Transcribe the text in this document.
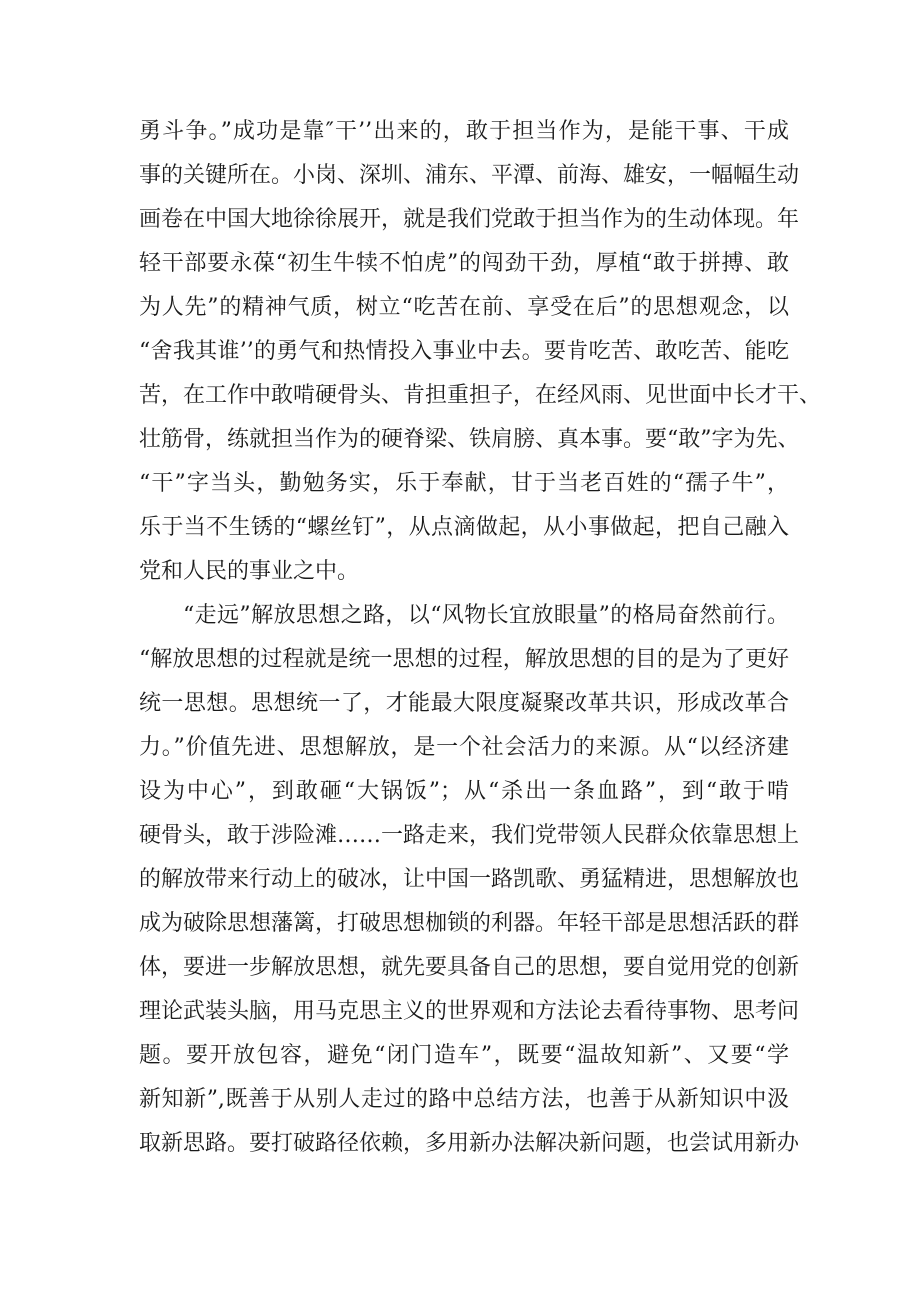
勇斗争。”成功是靠″干’’出来的，敢于担当作为，是能干事、干成
事的关键所在。小岗、深圳、浦东、平潭、前海、雄安，一幅幅生动
画卷在中国大地徐徐展开，就是我们党敢于担当作为的生动体现。年
轻干部要永葆“初生牛犊不怕虎”的闯劲干劲，厚植“敢于拼搏、敢
为人先”的精神气质，树立“吃苦在前、享受在后”的思想观念，以
“舍我其谁’’的勇气和热情投入事业中去。要肯吃苦、敢吃苦、能吃
苦，在工作中敢啃硬骨头、肯担重担子，在经风雨、见世面中长才干、
壮筋骨，练就担当作为的硬脊梁、铁肩膀、真本事。要“敢”字为先、
“干”字当头，勤勉务实，乐于奉献，甘于当老百姓的“孺子牛”，
乐于当不生锈的“螺丝钉”，从点滴做起，从小事做起，把自己融入
党和人民的事业之中。
“走远”解放思想之路，以“风物长宜放眼量”的格局奋然前行。
“解放思想的过程就是统一思想的过程，解放思想的目的是为了更好
统一思想。思想统一了，才能最大限度凝聚改革共识，形成改革合
力。”价值先进、思想解放，是一个社会活力的来源。从“以经济建
设为中心”，到敢砸“大锅饭”；从“杀出一条血路”，到“敢于啃
硬骨头，敢于涉险滩……一路走来，我们党带领人民群众依靠思想上
的解放带来行动上的破冰，让中国一路凯歌、勇猛精进，思想解放也
成为破除思想藩篱，打破思想枷锁的利器。年轻干部是思想活跃的群
体，要进一步解放思想，就先要具备自己的思想，要自觉用党的创新
理论武装头脑，用马克思主义的世界观和方法论去看待事物、思考问
题。要开放包容，避免“闭门造车”，既要“温故知新”、又要“学
新知新”,既善于从别人走过的路中总结方法，也善于从新知识中汲
取新思路。要打破路径依赖，多用新办法解决新问题，也尝试用新办
